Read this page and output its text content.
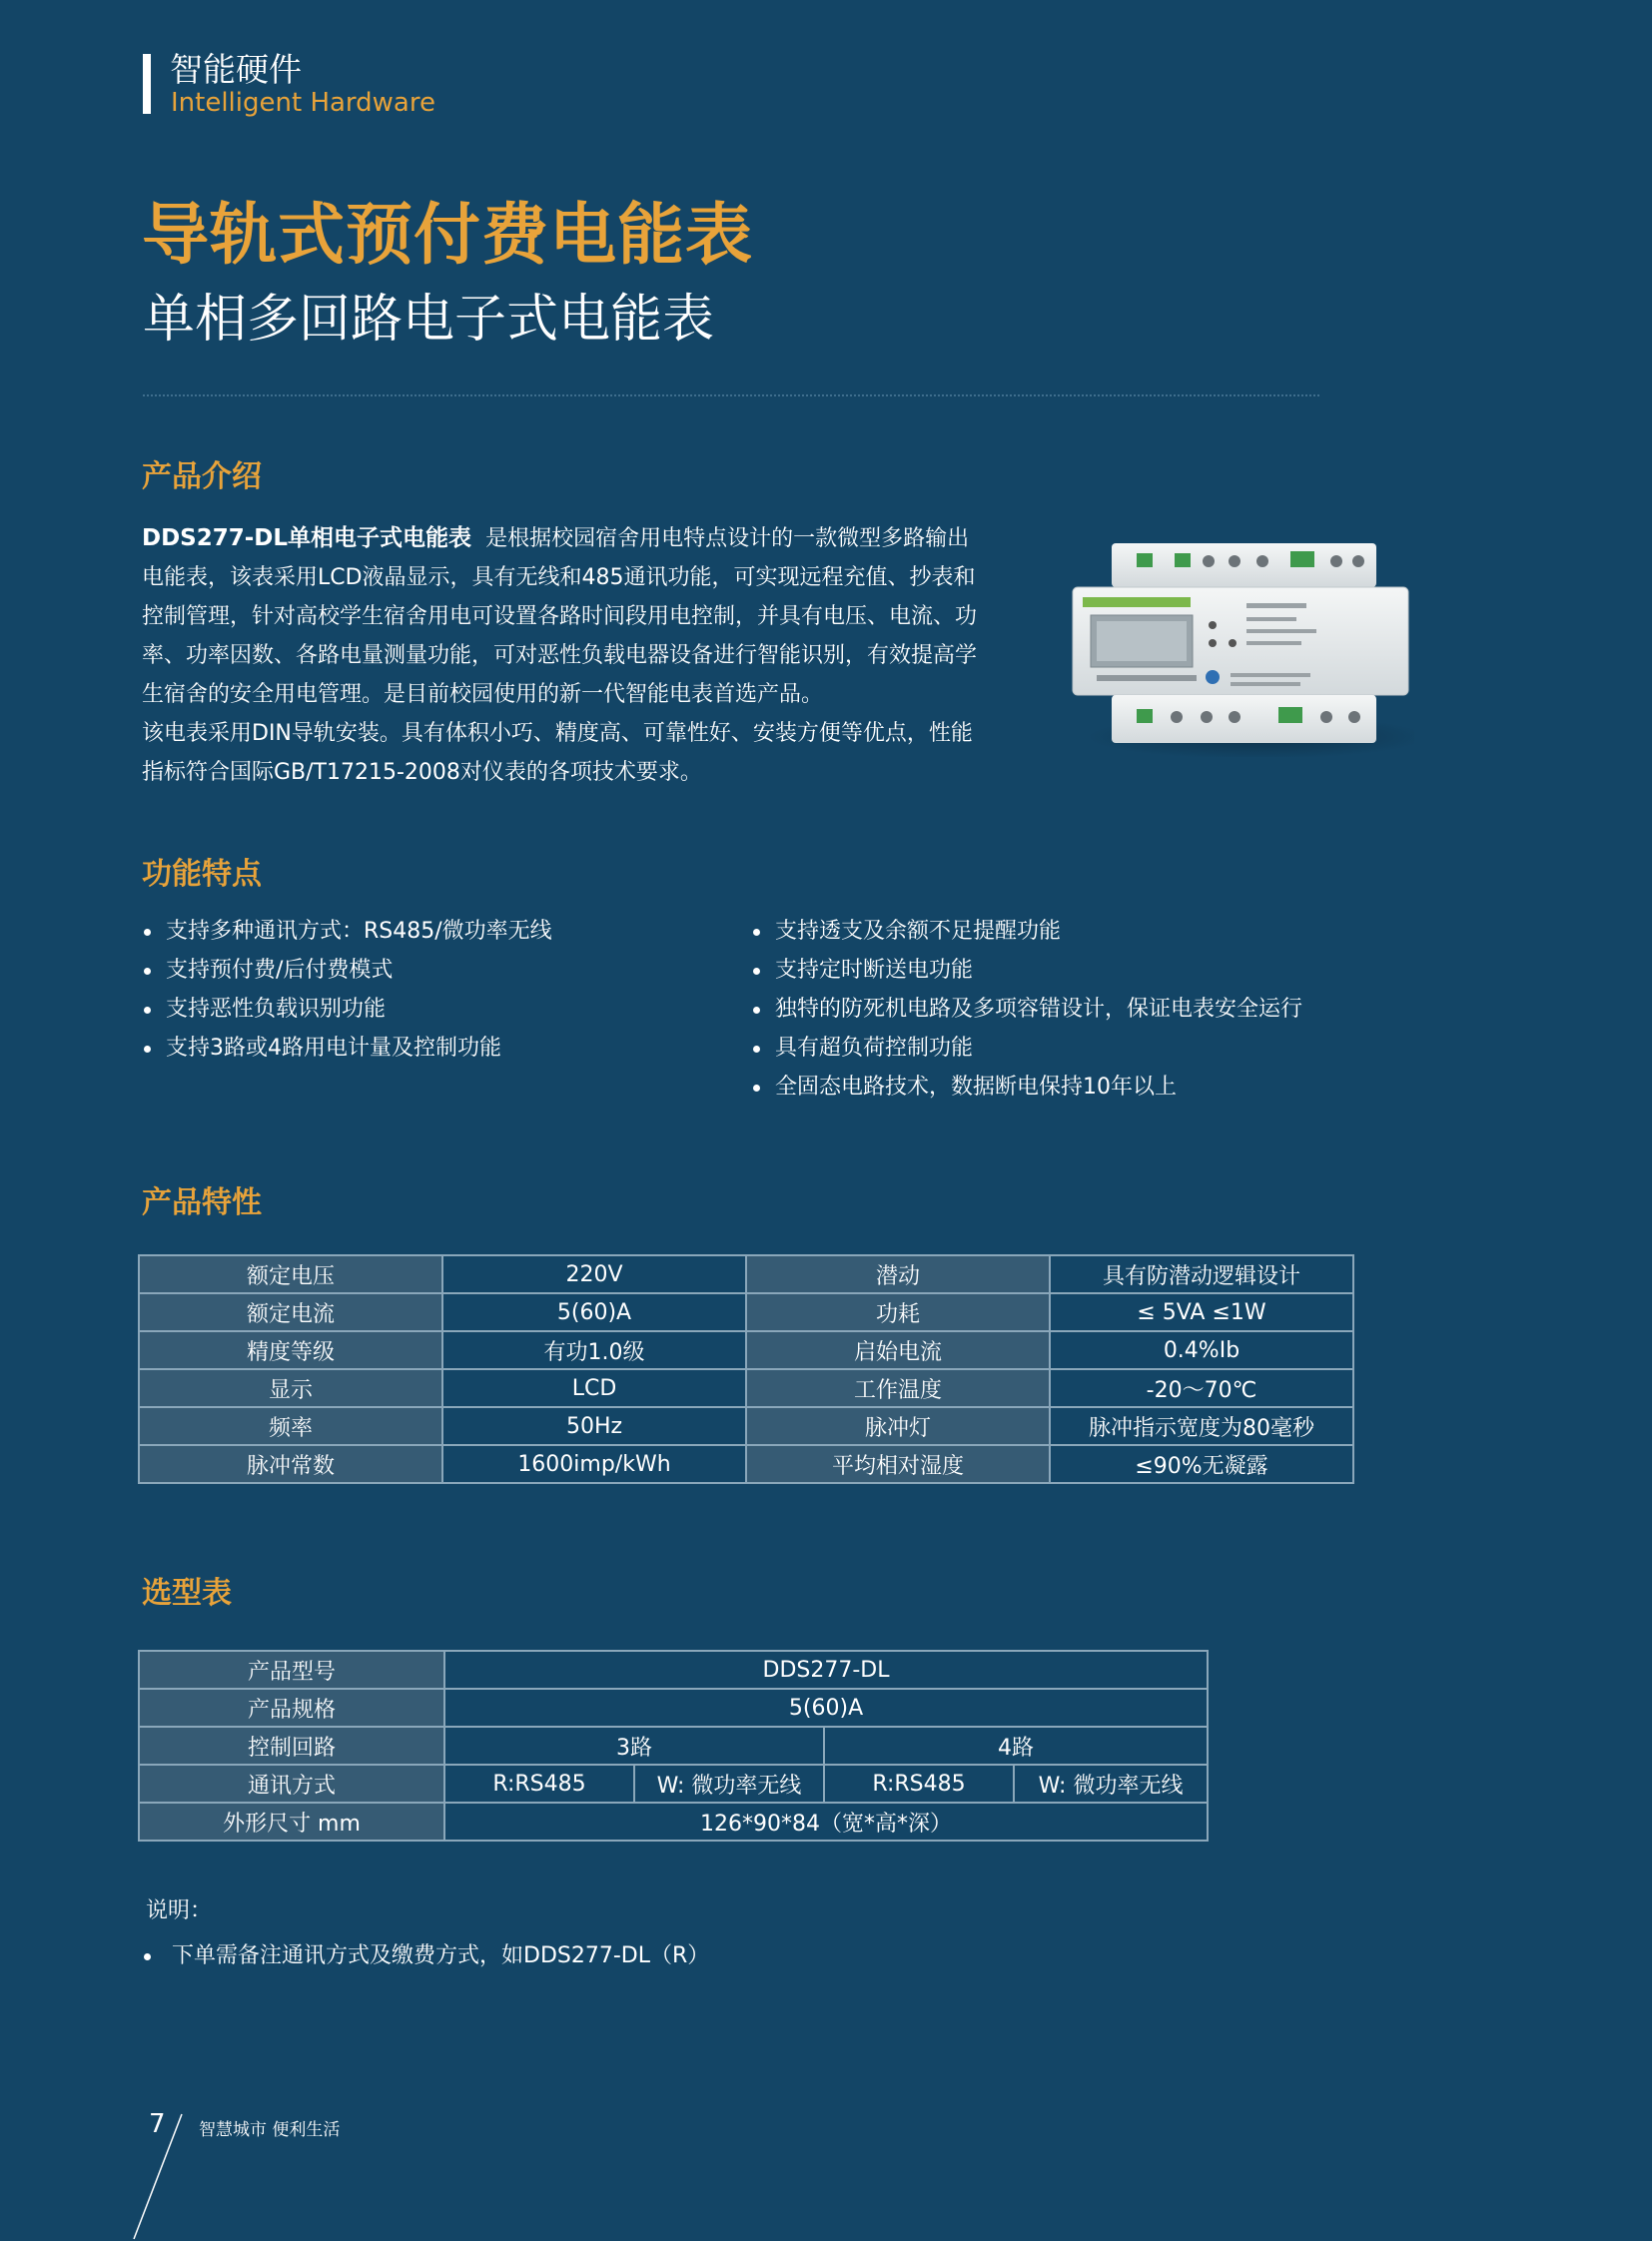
智能硬件
Intelligent Hardware
导轨式预付费电能表
单相多回路电子式电能表
产品介绍

DDS277-DL单相电子式电能表 是根据校园宿舍用电特点设计的一款微型多路输出电能表，该表采用LCD液晶显示，具有无线和485通讯功能，可实现远程充值、抄表和控制管理，针对高校学生宿舍用电可设置各路时间段用电控制，并具有电压、电流、功率、功率因数、各路电量测量功能，可对恶性负载电器设备进行智能识别，有效提高学生宿舍的安全用电管理。是目前校园使用的新一代智能电表首选产品。

该电表采用DIN导轨安装。具有体积小巧、精度高、可靠性好、安装方便等优点，性能指标符合国际GB/T17215-2008对仪表的各项技术要求。

功能特点
支持多种通讯方式：RS485/微功率无线
支持预付费/后付费模式
支持恶性负载识别功能
支持3路或4路用电计量及控制功能
支持透支及余额不足提醒功能
支持定时断送电功能
独特的防死机电路及多项容错设计，保证电表安全运行
具有超负荷控制功能
全固态电路技术，数据断电保持10年以上
产品特性
额定电压	220V	潜动	具有防潜动逻辑设计
额定电流	5(60)A	功耗	≤ 5VA ≤1W
精度等级	有功1.0级	启始电流	0.4%Ib
显示	LCD	工作温度	-20～70℃
频率	50Hz	脉冲灯	脉冲指示宽度为80毫秒
脉冲常数	1600imp/kWh	平均相对湿度	≤90%无凝露
选型表
产品型号	DDS277-DL			
产品规格	5(60)A			
控制回路	3路		4路	
通讯方式	R:RS485	W: 微功率无线	R:RS485	W: 微功率无线
外形尺寸 mm	126*90*84（宽*高*深）			
说明：
下单需备注通讯方式及缴费方式，如DDS277-DL（R）
7 智慧城市 便利生活
